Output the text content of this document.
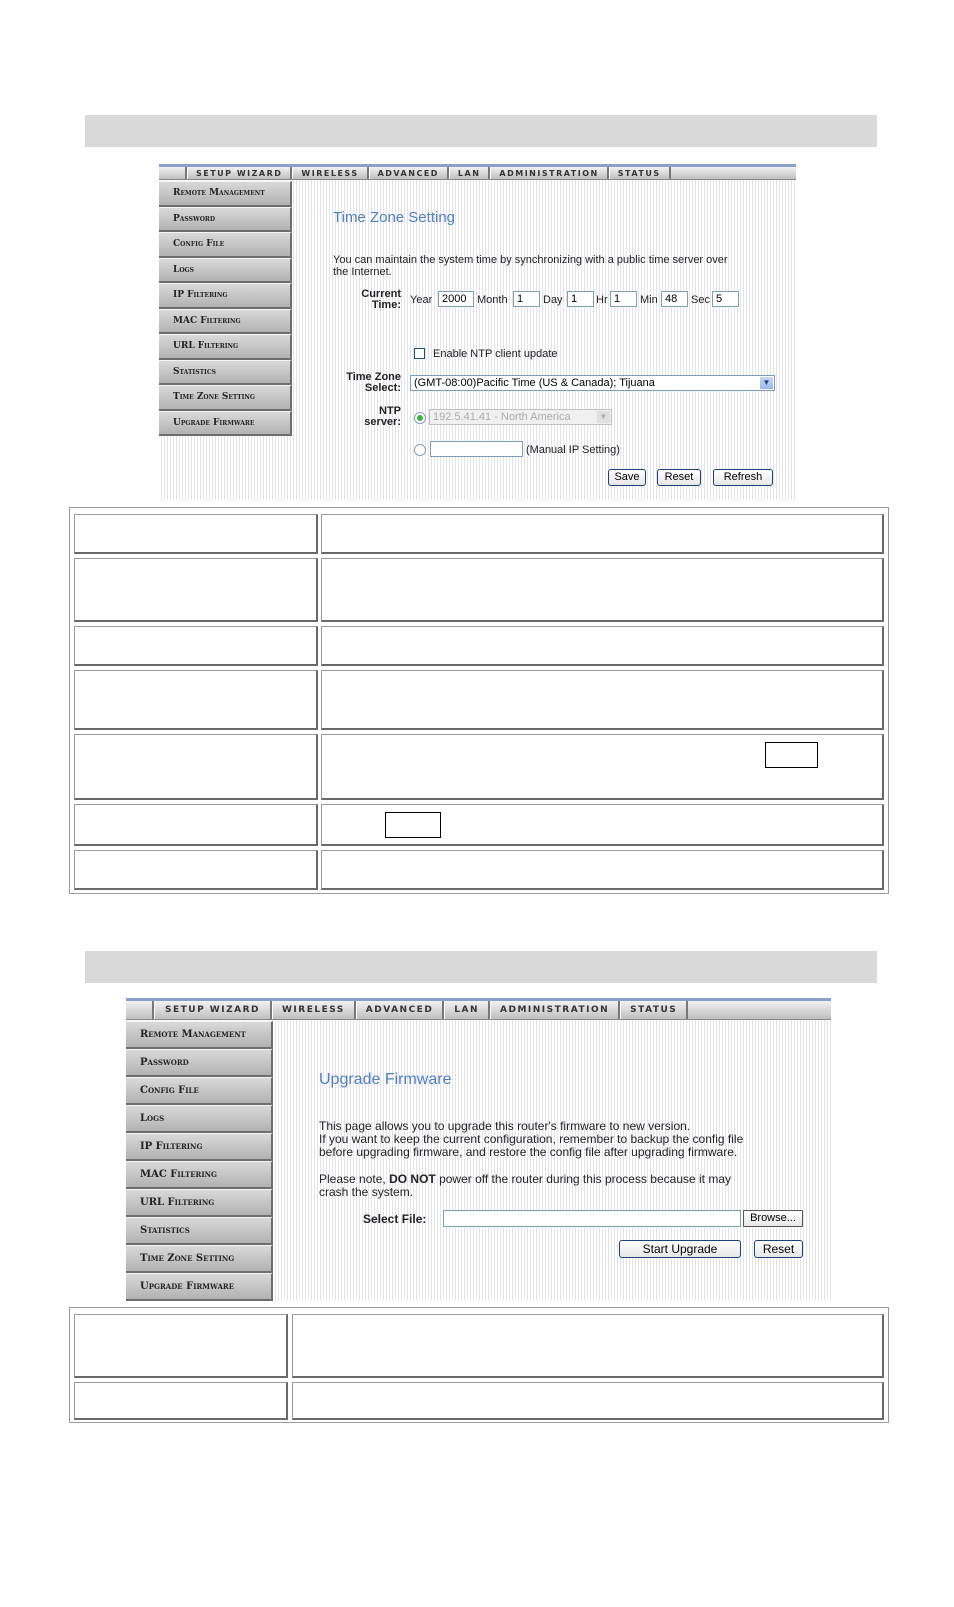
SETUP WIZARD	WIRELESS	ADVANCED	LAN	ADMINISTRATION	STATUS
Remote Management
Password
Config File
Logs
IP Filtering
MAC Filtering
URL Filtering
Statistics
Time Zone Setting
Upgrade Firmware
Time Zone Setting
You can maintain the system time by synchronizing with a public time server over
the Internet.
Current
Time: Year 2000 Month 1	Day 1	Hr 1	Min 48	Sec 5
Enable NTP client update
Time Zone
Select:	(GMT-08:00)Pacific Time (US & Canada); Tijuana	▼
NTP
server:	192.5.41.41 - North America	▼
(Manual IP Setting)
Save	Reset	Refresh
SETUP WIZARD	WIRELESS	ADVANCED	LAN	ADMINISTRATION	STATUS
Remote Management
Password
Config File
Logs
IP Filtering
MAC Filtering
URL Filtering
Statistics
Time Zone Setting
Upgrade Firmware
Upgrade Firmware
This page allows you to upgrade this router's firmware to new version.
If you want to keep the current configuration, remember to backup the config file
before upgrading firmware, and restore the config file after upgrading firmware.
Please note, DO NOT power off the router during this process because it may
crash the system.
Select File:	Browse...
Start Upgrade	Reset
